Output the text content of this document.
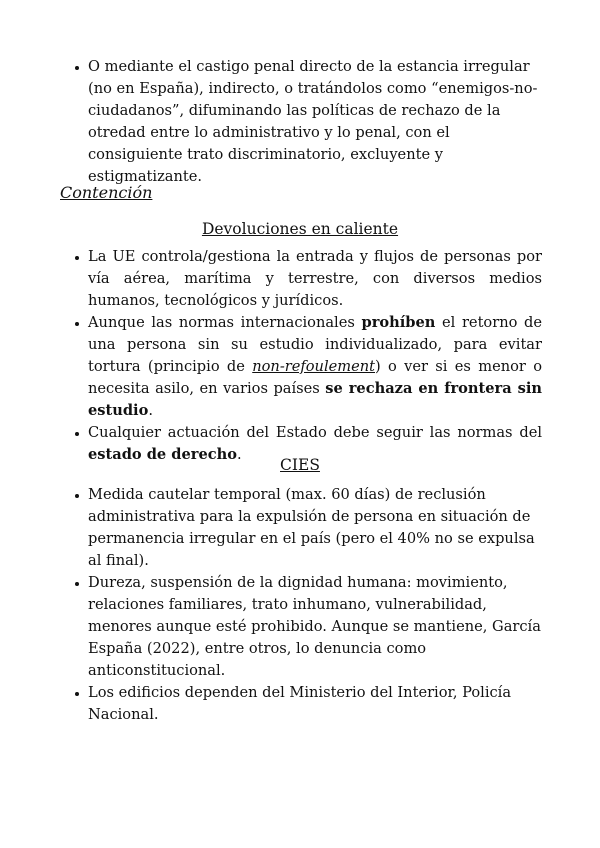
O mediante el castigo penal directo de la estancia irregular (no en España), indirecto, o tratándolos como “enemigos-no-ciudadanos”, difuminando las políticas de rechazo de la otredad entre lo administrativo y lo penal, con el consiguiente trato discriminatorio, excluyente y estigmatizante.
Contención
Devoluciones en caliente
La UE controla/gestiona la entrada y flujos de personas por vía aérea, marítima y terrestre, con diversos medios humanos, tecnológicos y jurídicos.
Aunque las normas internacionales prohíben el retorno de una persona sin su estudio individualizado, para evitar tortura (principio de non-refoulement) o ver si es menor o necesita asilo, en varios países se rechaza en frontera sin estudio.
Cualquier actuación del Estado debe seguir las normas del estado de derecho.
CIES
Medida cautelar temporal (max. 60 días) de reclusión administrativa para la expulsión de persona en situación de permanencia irregular en el país (pero el 40% no se expulsa al final).
Dureza, suspensión de la dignidad humana: movimiento, relaciones familiares, trato inhumano, vulnerabilidad, menores aunque esté prohibido. Aunque se mantiene, García España (2022), entre otros, lo denuncia como anticonstitucional.
Los edificios dependen del Ministerio del Interior, Policía Nacional.
